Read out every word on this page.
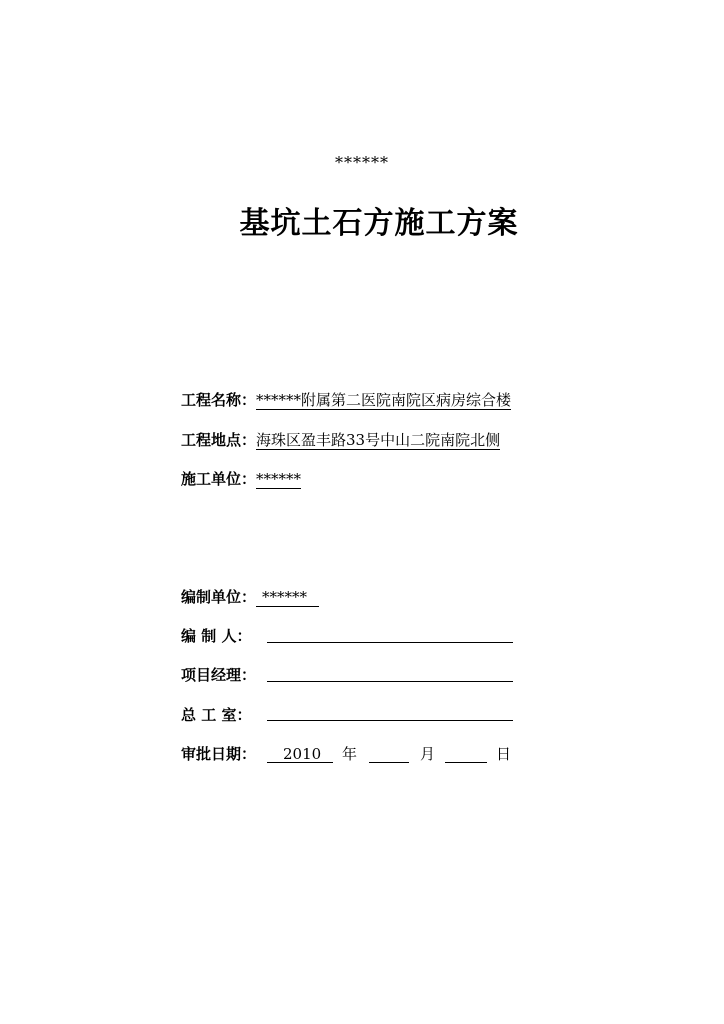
******
基坑土石方施工方案
工程名称：******附属第二医院南院区病房综合楼
工程地点：海珠区盈丰路33号中山二院南院北侧
施工单位：******
编制单位： ******
编 制 人：
项目经理：
总 工 室：
审批日期： 2010 年	月	日
